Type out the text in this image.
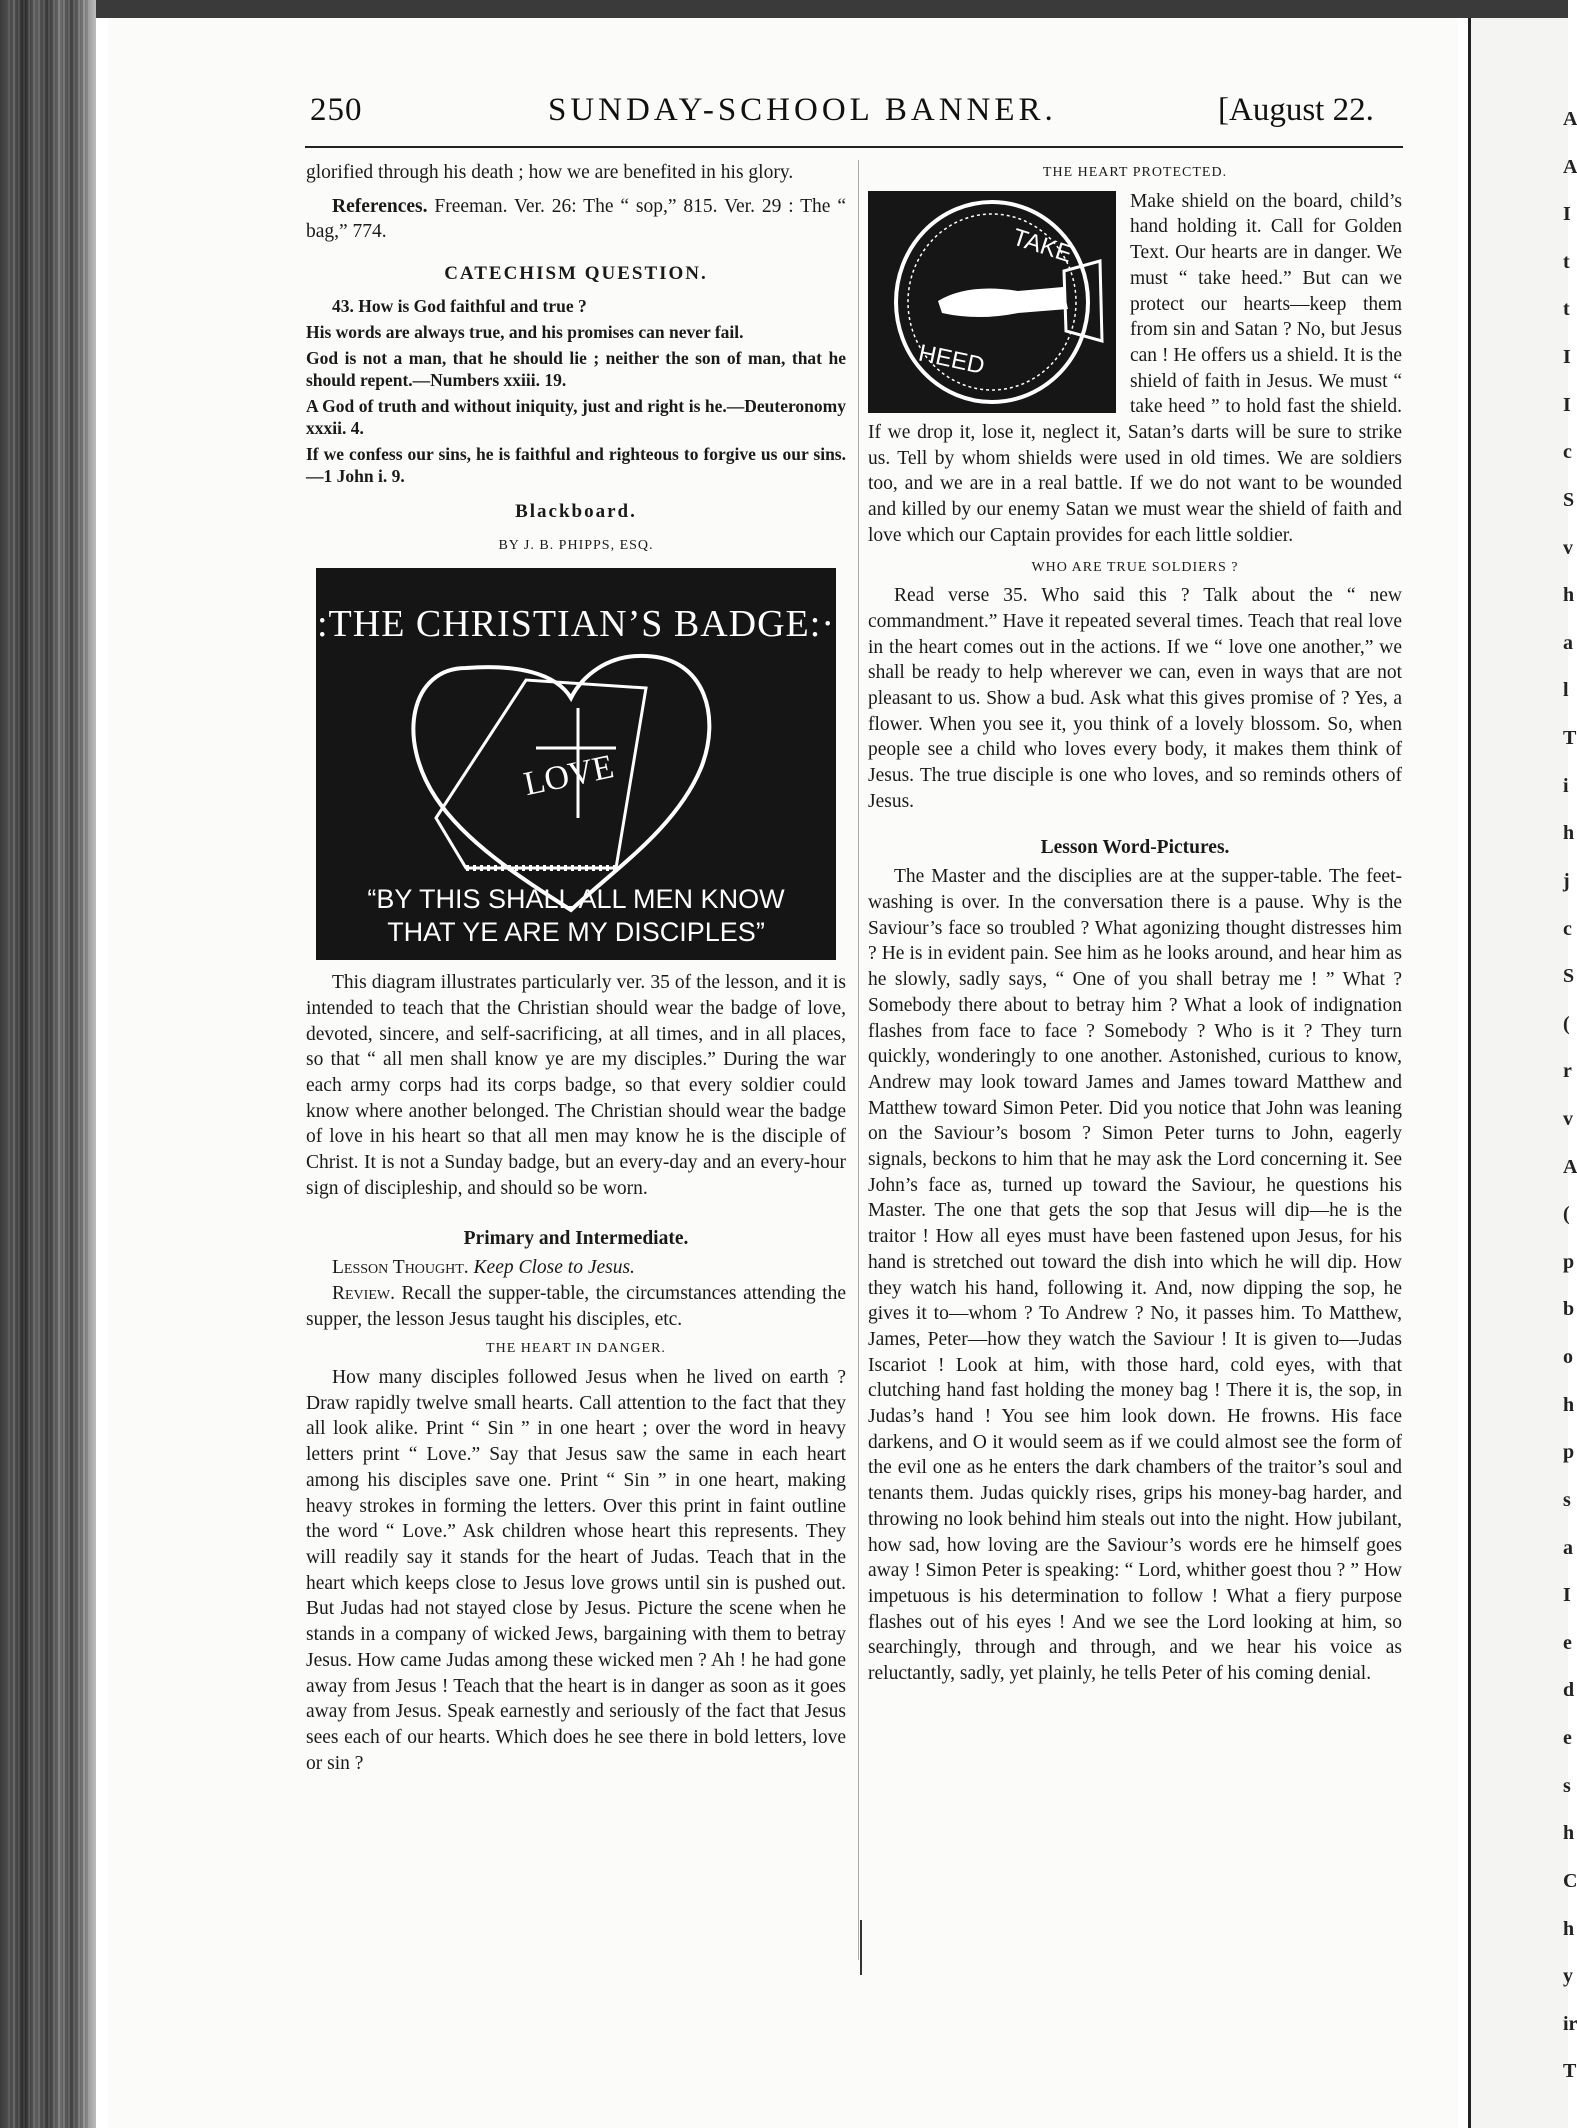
A
A
I
t
t
I
I
c
S
v
h
a
l
T
i
h
j
c
S
(
r
v
A
(
p
b
o
h
p
s
a
I
e
d
e
s
h
C
h
y
ir
T
250	SUNDAY-SCHOOL BANNER.	[August 22.

glorified through his death ; how we are benefited in his glory.

References. Freeman. Ver. 26: The “ sop,” 815. Ver. 29 : The “ bag,” 774.

CATECHISM QUESTION.

43. How is God faithful and true ?

His words are always true, and his promises can never fail.

God is not a man, that he should lie ; neither the son of man, that he should repent.—Numbers xxiii. 19.

A God of truth and without iniquity, just and right is he.—Deuteronomy xxxii. 4.

If we confess our sins, he is faithful and righteous to forgive us our sins.—1 John i. 9.

Blackboard.

BY J. B. PHIPPS, ESQ.

:THE CHRISTIAN’S BADGE:·
LOVE
“BY THIS SHALL ALL MEN KNOW
THAT YE ARE MY DISCIPLES”

This diagram illustrates particularly ver. 35 of the lesson, and it is intended to teach that the Christian should wear the badge of love, devoted, sincere, and self-sacrificing, at all times, and in all places, so that “ all men shall know ye are my disciples.” During the war each army corps had its corps badge, so that every soldier could know where another belonged. The Christian should wear the badge of love in his heart so that all men may know he is the disciple of Christ. It is not a Sunday badge, but an every-day and an every-hour sign of discipleship, and should so be worn.

Primary and Intermediate.

Lesson Thought. Keep Close to Jesus.

Review. Recall the supper-table, the circumstances attending the supper, the lesson Jesus taught his disciples, etc.

THE HEART IN DANGER.

How many disciples followed Jesus when he lived on earth ? Draw rapidly twelve small hearts. Call attention to the fact that they all look alike. Print “ Sin ” in one heart ; over the word in heavy letters print “ Love.” Say that Jesus saw the same in each heart among his disciples save one. Print “ Sin ” in one heart, making heavy strokes in forming the letters. Over this print in faint outline the word “ Love.” Ask children whose heart this represents. They will readily say it stands for the heart of Judas. Teach that in the heart which keeps close to Jesus love grows until sin is pushed out. But Judas had not stayed close by Jesus. Picture the scene when he stands in a company of wicked Jews, bargaining with them to betray Jesus. How came Judas among these wicked men ? Ah ! he had gone away from Jesus ! Teach that the heart is in danger as soon as it goes away from Jesus. Speak earnestly and seriously of the fact that Jesus sees each of our hearts. Which does he see there in bold letters, love or sin ?

THE HEART PROTECTED.

TAKE
HEED

Make shield on the board, child’s hand holding it. Call for Golden Text. Our hearts are in danger. We must “ take heed.” But can we protect our hearts—keep them from sin and Satan ? No, but Jesus can ! He offers us a shield. It is the shield of faith in Jesus. We must “ take heed ” to hold fast the shield. If we drop it, lose it, neglect it, Satan’s darts will be sure to strike us. Tell by whom shields were used in old times. We are soldiers too, and we are in a real battle. If we do not want to be wounded and killed by our enemy Satan we must wear the shield of faith and love which our Captain provides for each little soldier.

WHO ARE TRUE SOLDIERS ?

Read verse 35. Who said this ? Talk about the “ new commandment.” Have it repeated several times. Teach that real love in the heart comes out in the actions. If we “ love one another,” we shall be ready to help wherever we can, even in ways that are not pleasant to us. Show a bud. Ask what this gives promise of ? Yes, a flower. When you see it, you think of a lovely blossom. So, when people see a child who loves every body, it makes them think of Jesus. The true disciple is one who loves, and so reminds others of Jesus.

Lesson Word-Pictures.

The Master and the disciplies are at the supper-table. The feet-washing is over. In the conversation there is a pause. Why is the Saviour’s face so troubled ? What agonizing thought distresses him ? He is in evident pain. See him as he looks around, and hear him as he slowly, sadly says, “ One of you shall betray me ! ” What ? Somebody there about to betray him ? What a look of indignation flashes from face to face ? Somebody ? Who is it ? They turn quickly, wonderingly to one another. Astonished, curious to know, Andrew may look toward James and James toward Matthew and Matthew toward Simon Peter. Did you notice that John was leaning on the Saviour’s bosom ? Simon Peter turns to John, eagerly signals, beckons to him that he may ask the Lord concerning it. See John’s face as, turned up toward the Saviour, he questions his Master. The one that gets the sop that Jesus will dip—he is the traitor ! How all eyes must have been fastened upon Jesus, for his hand is stretched out toward the dish into which he will dip. How they watch his hand, following it. And, now dipping the sop, he gives it to—whom ? To Andrew ? No, it passes him. To Matthew, James, Peter—how they watch the Saviour ! It is given to—Judas Iscariot ! Look at him, with those hard, cold eyes, with that clutching hand fast holding the money bag ! There it is, the sop, in Judas’s hand ! You see him look down. He frowns. His face darkens, and O it would seem as if we could almost see the form of the evil one as he enters the dark chambers of the traitor’s soul and tenants them. Judas quickly rises, grips his money-bag harder, and throwing no look behind him steals out into the night. How jubilant, how sad, how loving are the Saviour’s words ere he himself goes away ! Simon Peter is speaking: “ Lord, whither goest thou ? ” How impetuous is his determination to follow ! What a fiery purpose flashes out of his eyes ! And we see the Lord looking at him, so searchingly, through and through, and we hear his voice as reluctantly, sadly, yet plainly, he tells Peter of his coming denial.
